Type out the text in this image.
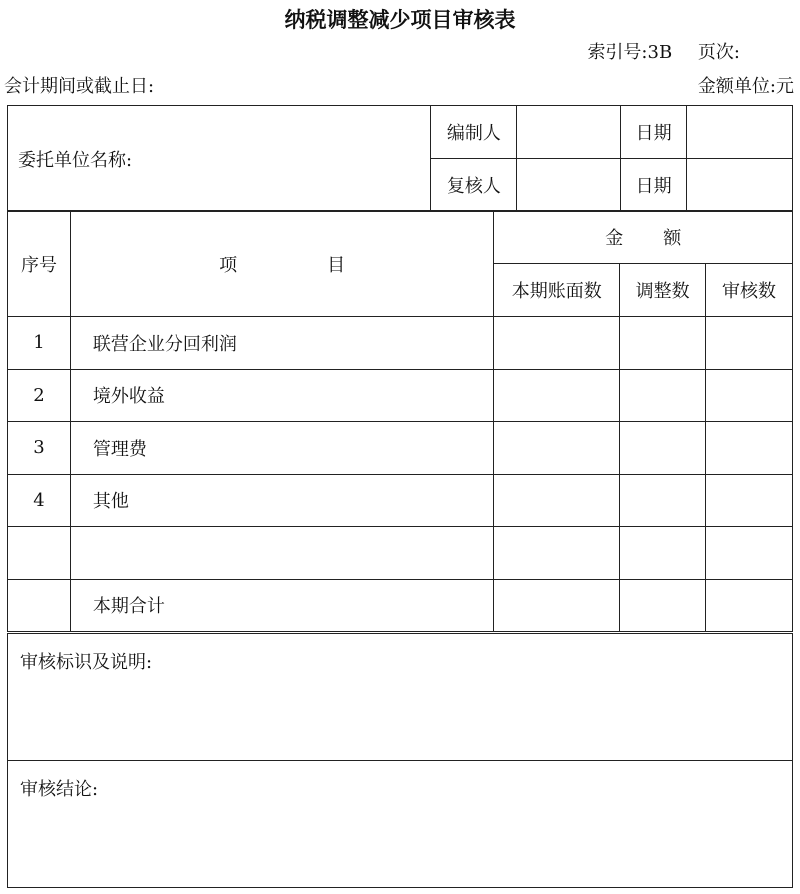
纳税调整减少项目审核表
索引号:3B 页次:
会计期间或截止日:	金额单位:元
委托单位名称:	编制人		日期	
	复核人		日期	
序号	项 目	金 额		
		本期账面数	调整数	审核数
1	联营企业分回利润			
2	境外收益			
3	管理费			
4	其他			

	本期合计			
审核标识及说明:
审核结论:
